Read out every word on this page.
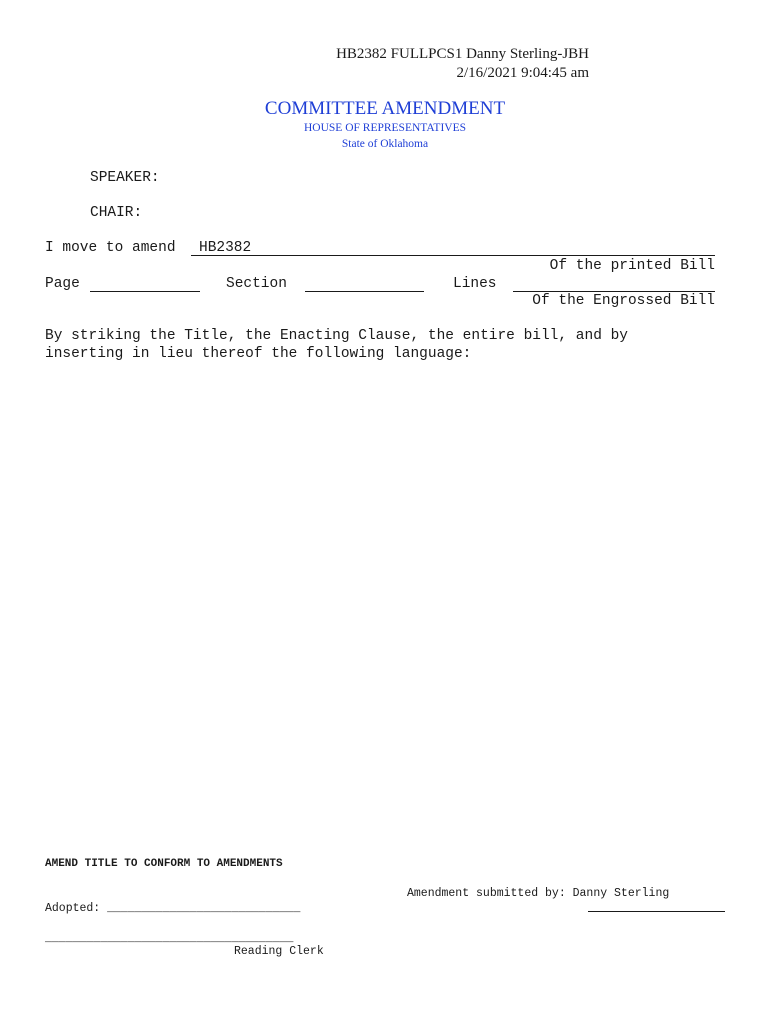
HB2382 FULLPCS1 Danny Sterling-JBH
2/16/2021 9:04:45 am
COMMITTEE AMENDMENT
HOUSE OF REPRESENTATIVES
State of Oklahoma
SPEAKER:
CHAIR:
I move to amend HB2382
Of the printed Bill
Page	Section	Lines
Of the Engrossed Bill
By striking the Title, the Enacting Clause, the entire bill, and by
inserting in lieu thereof the following language:
AMEND TITLE TO CONFORM TO AMENDMENTS
Amendment submitted by: Danny Sterling
Adopted: ____________________________
____________________________________
Reading Clerk
